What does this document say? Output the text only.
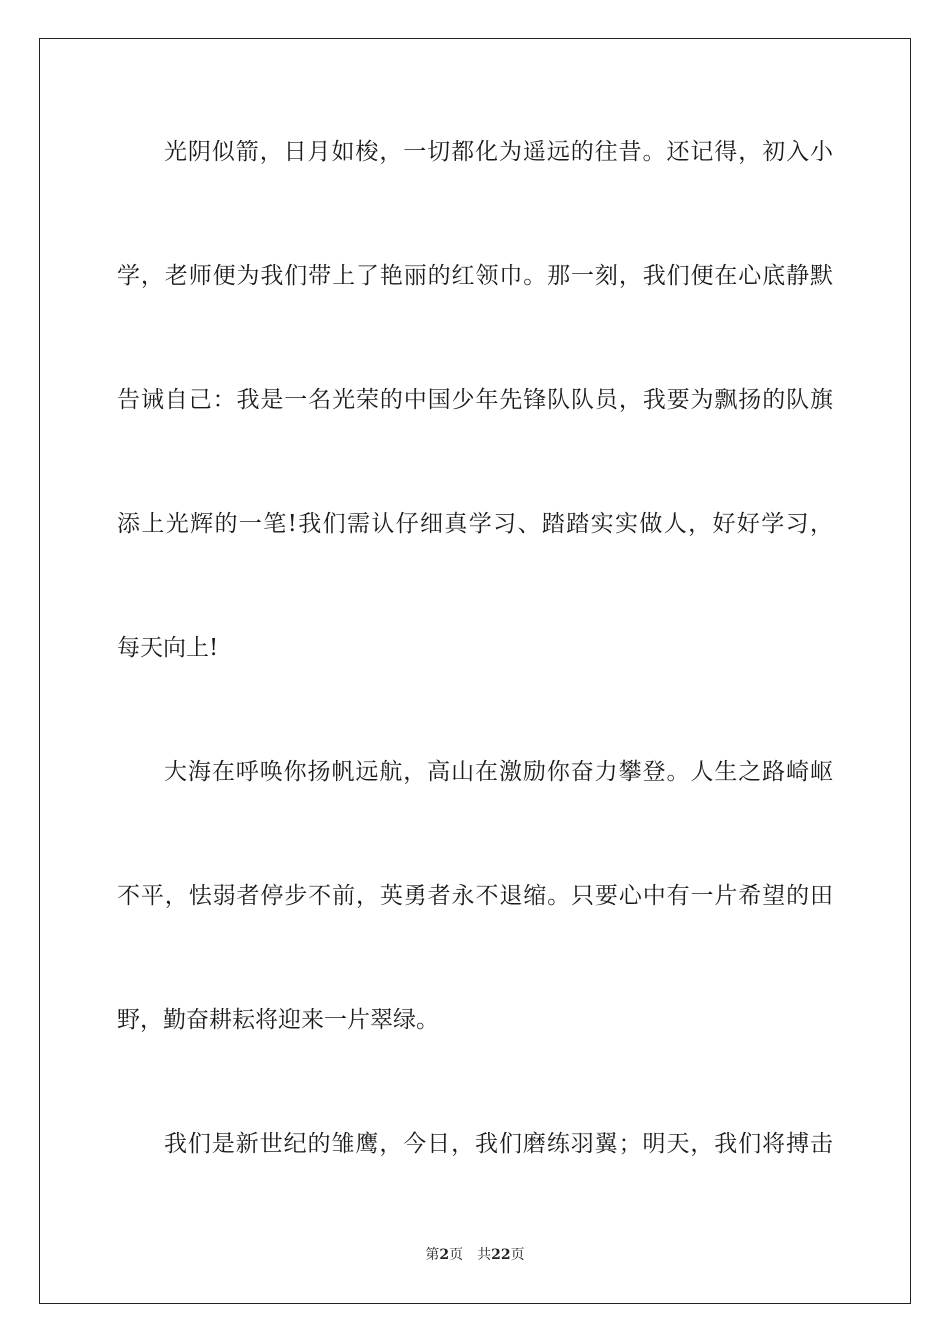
光阴似箭，日月如梭，一切都化为遥远的往昔。还记得，初入小
学，老师便为我们带上了艳丽的红领巾。那一刻，我们便在心底静默
告诫自己：我是一名光荣的中国少年先锋队队员，我要为飘扬的队旗
添上光辉的一笔!我们需认仔细真学习、踏踏实实做人，好好学习，
每天向上!
大海在呼唤你扬帆远航，高山在激励你奋力攀登。人生之路崎岖
不平，怯弱者停步不前，英勇者永不退缩。只要心中有一片希望的田
野，勤奋耕耘将迎来一片翠绿。
我们是新世纪的雏鹰，今日，我们磨练羽翼；明天，我们将搏击
第2页 共22页
